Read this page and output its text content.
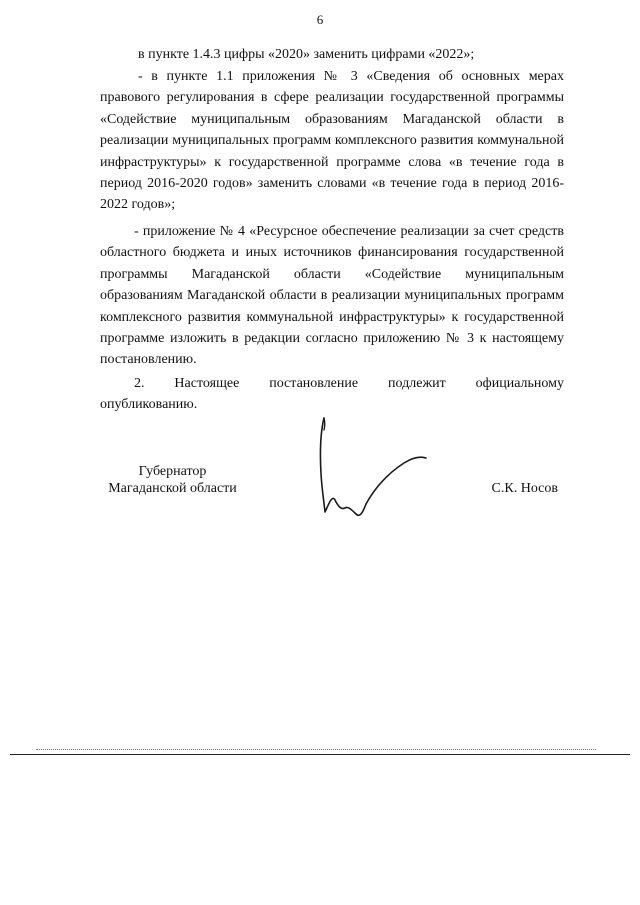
6
в пункте 1.4.3 цифры «2020» заменить цифрами «2022»;
- в пункте 1.1 приложения № 3 «Сведения об основных мерах правового регулирования в сфере реализации государственной программы «Содействие муниципальным образованиям Магаданской области в реализации муниципальных программ комплексного развития коммунальной инфраструктуры» к государственной программе слова «в течение года в период 2016-2020 годов» заменить словами «в течение года в период 2016-2022 годов»;
- приложение № 4 «Ресурсное обеспечение реализации за счет средств областного бюджета и иных источников финансирования государственной программы Магаданской области «Содействие муниципальным образованиям Магаданской области в реализации муниципальных программ комплексного развития коммунальной инфраструктуры» к государственной программе изложить в редакции согласно приложению № 3 к настоящему постановлению.
2. Настоящее постановление подлежит официальному
опубликованию.
Губернатор
Магаданской области	С.К. Носов
